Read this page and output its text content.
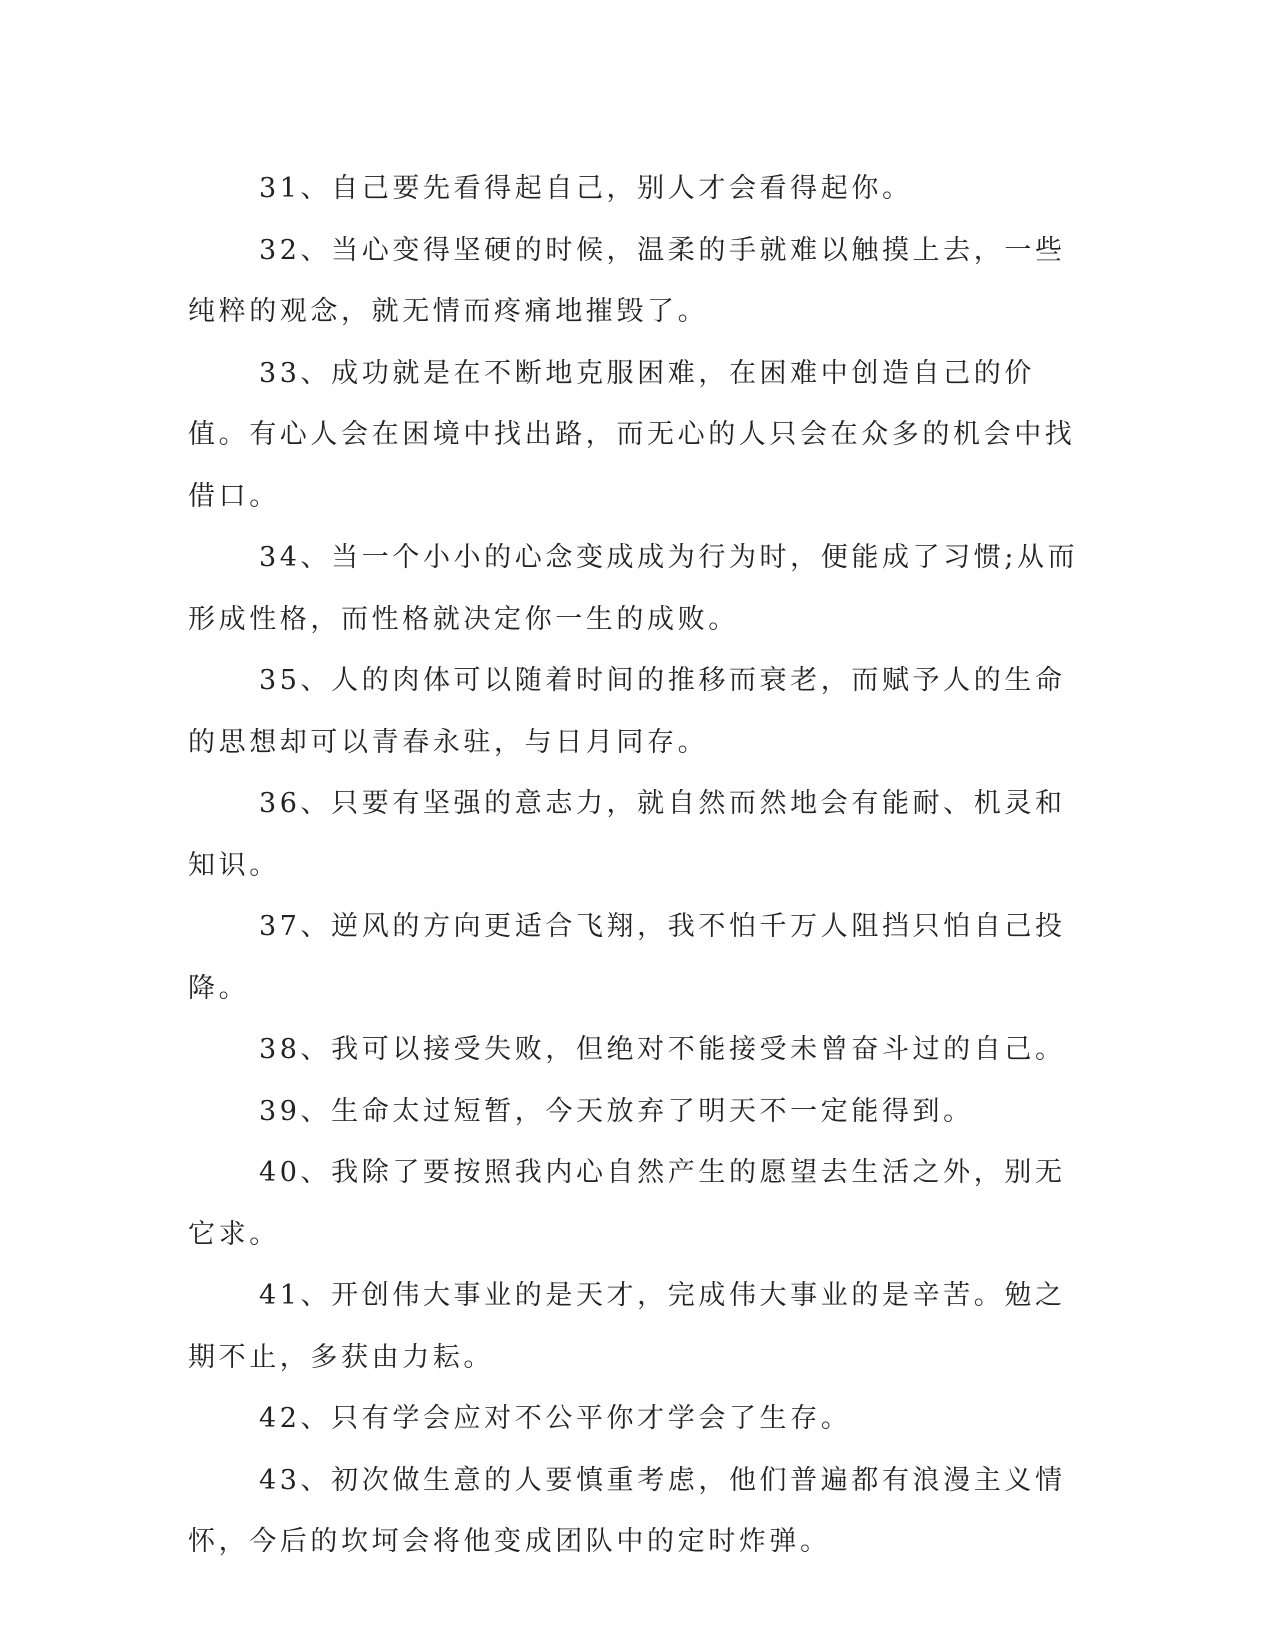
31、自己要先看得起自己，别人才会看得起你。

32、当心变得坚硬的时候，温柔的手就难以触摸上去，一些纯粹的观念，就无情而疼痛地摧毁了。

33、成功就是在不断地克服困难，在困难中创造自己的价值。有心人会在困境中找出路，而无心的人只会在众多的机会中找借口。

34、当一个小小的心念变成成为行为时，便能成了习惯;从而形成性格，而性格就决定你一生的成败。

35、人的肉体可以随着时间的推移而衰老，而赋予人的生命的思想却可以青春永驻，与日月同存。

36、只要有坚强的意志力，就自然而然地会有能耐、机灵和知识。

37、逆风的方向更适合飞翔，我不怕千万人阻挡只怕自己投降。

38、我可以接受失败，但绝对不能接受未曾奋斗过的自己。

39、生命太过短暂，今天放弃了明天不一定能得到。

40、我除了要按照我内心自然产生的愿望去生活之外，别无它求。

41、开创伟大事业的是天才，完成伟大事业的是辛苦。勉之期不止，多获由力耘。

42、只有学会应对不公平你才学会了生存。

43、初次做生意的人要慎重考虑，他们普遍都有浪漫主义情怀，今后的坎坷会将他变成团队中的定时炸弹。
